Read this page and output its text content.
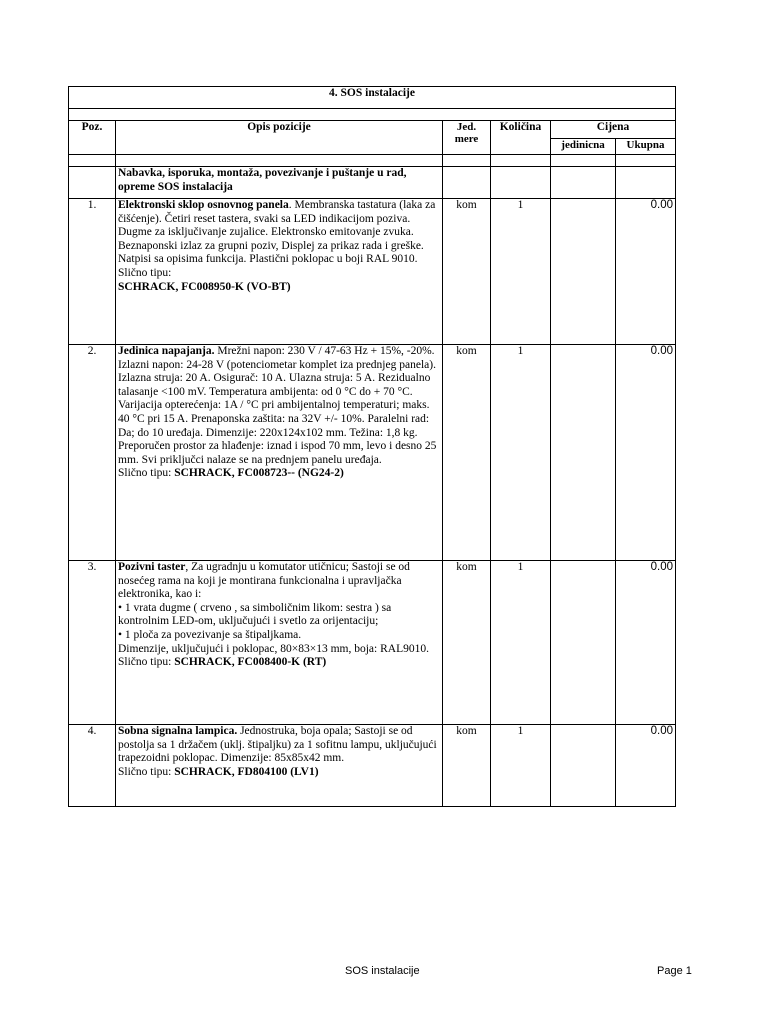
4. SOS instalacije					

Poz.	Opis pozicije	Jed. mere	Količina	Cijena	
				jedinicna	Ukupna

	Nabavka, isporuka, montaža, povezivanje i puštanje u rad, opreme SOS instalacija				
1.	Elektronski sklop osnovnog panela. Membranska tastatura (laka za čišćenje). Četiri reset tastera, svaki sa LED indikacijom poziva. Dugme za isključivanje zujalice. Elektronsko emitovanje zvuka. Beznaponski izlaz za grupni poziv, Displej za prikaz rada i greške. Natpisi sa opisima funkcija. Plastični poklopac u boji RAL 9010. Slično tipu:
SCHRACK, FC008950-K (VO-BT)	kom	1		0.00
2.	Jedinica napajanja. Mrežni napon: 230 V / 47-63 Hz + 15%, -20%. Izlazni napon: 24-28 V (potenciometar komplet iza prednjeg panela). Izlazna struja: 20 A. Osigurač: 10 A. Ulazna struja: 5 A. Rezidualno talasanje <100 mV. Temperatura ambijenta: od 0 °C do + 70 °C. Varijacija opterećenja: 1A / °C pri ambijentalnoj temperaturi; maks. 40 °C pri 15 A. Prenaponska zaštita: na 32V +/- 10%. Paralelni rad: Da; do 10 uređaja. Dimenzije: 220x124x102 mm. Težina: 1,8 kg. Preporučen prostor za hlađenje: iznad i ispod 70 mm, levo i desno 25 mm. Svi priključci nalaze se na prednjem panelu uređaja.
Slično tipu: SCHRACK, FC008723-- (NG24-2)	kom	1		0.00
3.	Pozivni taster, Za ugradnju u komutator utičnicu; Sastoji se od nosećeg rama na koji je montirana funkcionalna i upravljačka elektronika, kao i:
• 1 vrata dugme ( crveno , sa simboličnim likom: sestra ) sa kontrolnim LED-om, uključujući i svetlo za orijentaciju;
• 1 ploča za povezivanje sa štipaljkama.
Dimenzije, uključujući i poklopac, 80×83×13 mm, boja: RAL9010.
Slično tipu: SCHRACK, FC008400-K (RT)	kom	1		0.00
4.	Sobna signalna lampica. Jednostruka, boja opala; Sastoji se od postolja sa 1 držačem (uklj. štipaljku) za 1 sofitnu lampu, uključujući trapezoidni poklopac. Dimenzije: 85x85x42 mm.
Slično tipu: SCHRACK, FD804100 (LV1)	kom	1		0.00
SOS instalacije	Page 1
